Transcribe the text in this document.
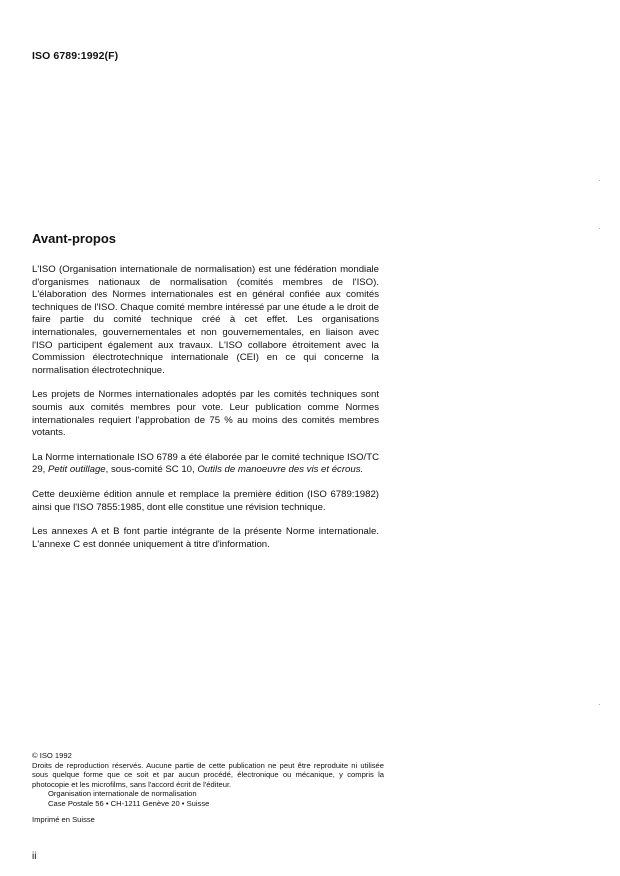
ISO 6789:1992(F)
Avant-propos

L'ISO (Organisation internationale de normalisation) est une fédération mondiale d'organismes nationaux de normalisation (comités membres de l'ISO). L'élaboration des Normes internationales est en général confiée aux comités techniques de l'ISO. Chaque comité membre intéressé par une étude a le droit de faire partie du comité technique créé à cet effet. Les organisations internationales, gouvernementales et non gouvernementales, en liaison avec l'ISO participent également aux travaux. L'ISO collabore étroitement avec la Commission électrotechnique internationale (CEI) en ce qui concerne la normalisation électrotechnique.

Les projets de Normes internationales adoptés par les comités techniques sont soumis aux comités membres pour vote. Leur publication comme Normes internationales requiert l'approbation de 75 % au moins des comités membres votants.

La Norme internationale ISO 6789 a été élaborée par le comité technique ISO/TC 29, Petit outillage, sous-comité SC 10, Outils de manoeuvre des vis et écrous.

Cette deuxième édition annule et remplace la première édition (ISO 6789:1982) ainsi que l'ISO 7855:1985, dont elle constitue une révision technique.

Les annexes A et B font partie intégrante de la présente Norme internationale. L'annexe C est donnée uniquement à titre d'information.

© ISO 1992

Droits de reproduction réservés. Aucune partie de cette publication ne peut être reproduite ni utilisée sous quelque forme que ce soit et par aucun procédé, électronique ou mécanique, y compris la photocopie et les microfilms, sans l'accord écrit de l'éditeur.

Organisation internationale de normalisation

Case Postale 56 • CH-1211 Genève 20 • Suisse

Imprimé en Suisse

ii
·
·
·
